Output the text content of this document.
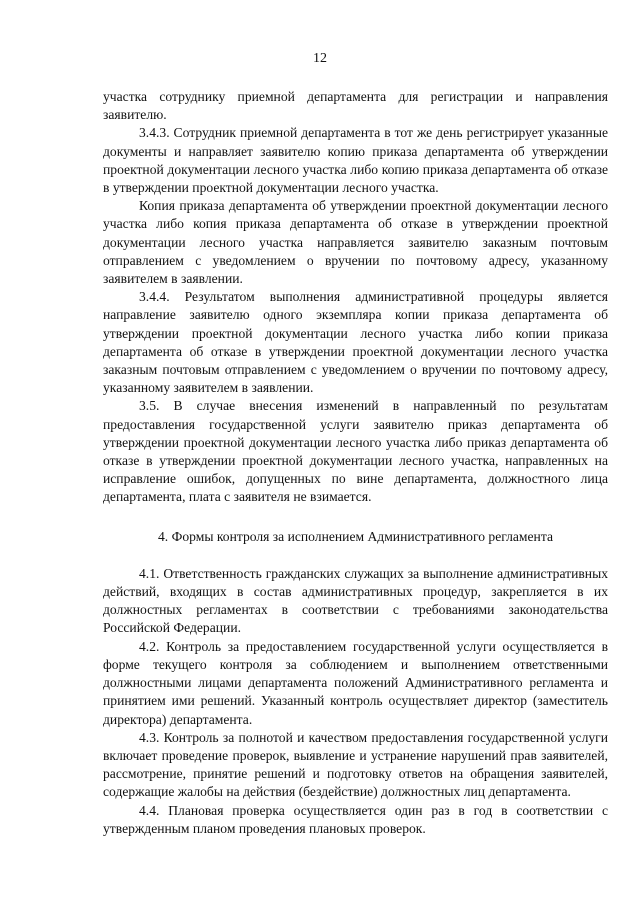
12

участка сотруднику приемной департамента для регистрации и направления заявителю.

3.4.3. Сотрудник приемной департамента в тот же день регистрирует указанные документы и направляет заявителю копию приказа департамента об утверждении проектной документации лесного участка либо копию приказа департамента об отказе в утверждении проектной документации лесного участка.

Копия приказа департамента об утверждении проектной документации лесного участка либо копия приказа департамента об отказе в утверждении проектной документации лесного участка направляется заявителю заказным почтовым отправлением с уведомлением о вручении по почтовому адресу, указанному заявителем в заявлении.

3.4.4. Результатом выполнения административной процедуры является направление заявителю одного экземпляра копии приказа департамента об утверждении проектной документации лесного участка либо копии приказа департамента об отказе в утверждении проектной документации лесного участка заказным почтовым отправлением с уведомлением о вручении по почтовому адресу, указанному заявителем в заявлении.

3.5. В случае внесения изменений в направленный по результатам предоставления государственной услуги заявителю приказ департамента об утверждении проектной документации лесного участка либо приказ департамента об отказе в утверждении проектной документации лесного участка, направленных на исправление ошибок, допущенных по вине департамента, должностного лица департамента, плата с заявителя не взимается.

4. Формы контроля за исполнением Административного регламента

4.1. Ответственность гражданских служащих за выполнение административных действий, входящих в состав административных процедур, закрепляется в их должностных регламентах в соответствии с требованиями законодательства Российской Федерации.

4.2. Контроль за предоставлением государственной услуги осуществляется в форме текущего контроля за соблюдением и выполнением ответственными должностными лицами департамента положений Административного регламента и принятием ими решений. Указанный контроль осуществляет директор (заместитель директора) департамента.

4.3. Контроль за полнотой и качеством предоставления государственной услуги включает проведение проверок, выявление и устранение нарушений прав заявителей, рассмотрение, принятие решений и подготовку ответов на обращения заявителей, содержащие жалобы на действия (бездействие) должностных лиц департамента.

4.4. Плановая проверка осуществляется один раз в год в соответствии с утвержденным планом проведения плановых проверок.
